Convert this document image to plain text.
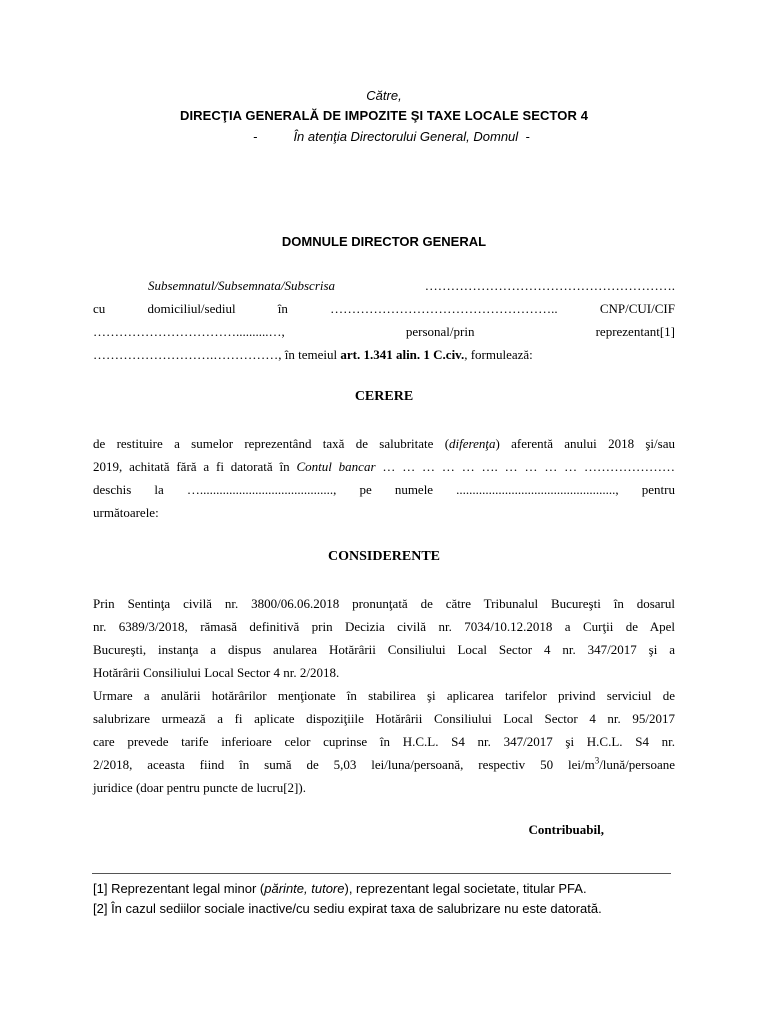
Către,
DIRECŢIA GENERALĂ DE IMPOZITE ŞI TAXE LOCALE SECTOR 4
-          În atenţia Directorului General, Domnul  -
DOMNULE DIRECTOR GENERAL
Subsemnatul/Subsemnata/Subscrisa	………………………………………………….
cu	domiciliul/sediul	în	……………………………………………..	CNP/CUI/CIF
……………………………..........…,	personal/prin	reprezentant[1]
……………………….……………, în temeiul art. 1.341 alin. 1 C.civ., formulează:
CERERE
de restituire a sumelor reprezentând taxă de salubritate (diferenţa) aferentă anului 2018 şi/sau
2019, achitată fără a fi datorată în Contul bancar … … … … … …. … … … … …………………
deschis la …........................................., pe numele ................................................., pentru
următoarele:
CONSIDERENTE
Prin Sentinţa civilă nr. 3800/06.06.2018 pronunţată de către Tribunalul Bucureşti în dosarul
nr. 6389/3/2018, rămasă definitivă prin Decizia civilă nr. 7034/10.12.2018 a Curţii de Apel
Bucureşti, instanţa a dispus anularea Hotărârii Consiliului Local Sector 4 nr. 347/2017 şi a
Hotărârii Consiliului Local Sector 4 nr. 2/2018.
Urmare a anulării hotărârilor menţionate în stabilirea şi aplicarea tarifelor privind serviciul de
salubrizare urmează a fi aplicate dispoziţiile Hotărârii Consiliului Local Sector 4 nr. 95/2017
care prevede tarife inferioare celor cuprinse în H.C.L. S4 nr. 347/2017 şi H.C.L. S4 nr.
2/2018, aceasta fiind în sumă de 5,03 lei/luna/persoană, respectiv 50 lei/$m^3/lună$/persoane
juridice (doar pentru puncte de lucru[2]).
Contribuabil,
[1] Reprezentant legal minor (părinte, tutore), reprezentant legal societate, titular PFA.
[2] În cazul sediilor sociale inactive/cu sediu expirat taxa de salubrizare nu este datorată.
